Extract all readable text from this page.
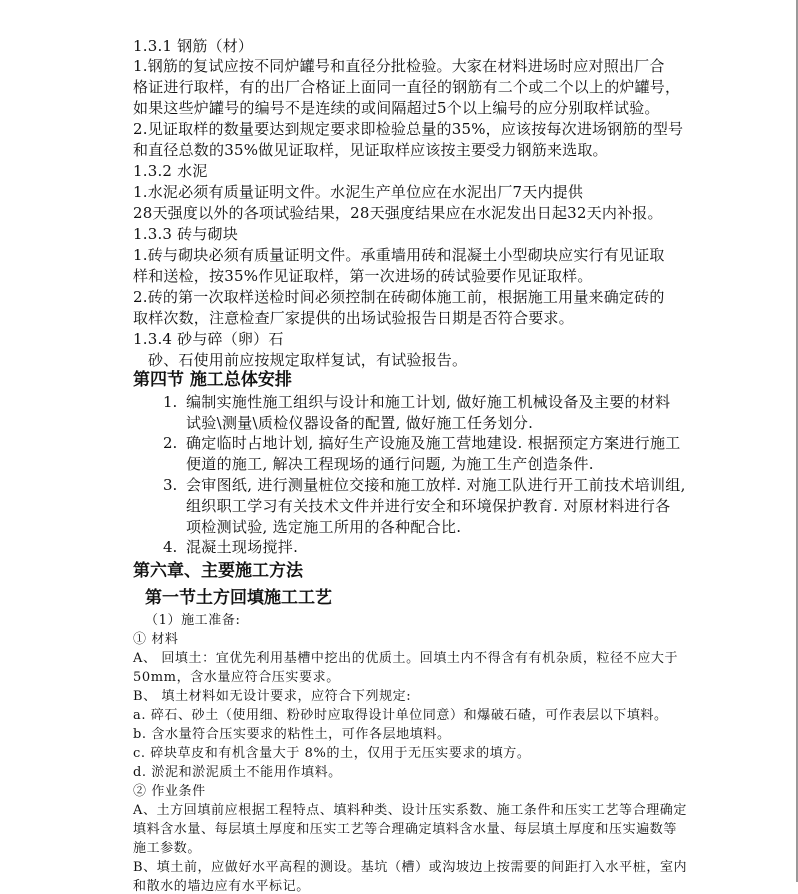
1.3.1 钢筋（材）
1.钢筋的复试应按不同炉罐号和直径分批检验。大家在材料进场时应对照出厂合
格证进行取样，有的出厂合格证上面同一直径的钢筋有二个或二个以上的炉罐号，
如果这些炉罐号的编号不是连续的或间隔超过5个以上编号的应分别取样试验。
2.见证取样的数量要达到规定要求即检验总量的35%，应该按每次进场钢筋的型号
和直径总数的35%做见证取样，见证取样应该按主要受力钢筋来选取。
1.3.2 水泥
1.水泥必须有质量证明文件。水泥生产单位应在水泥出厂7天内提供
28天强度以外的各项试验结果，28天强度结果应在水泥发出日起32天内补报。
1.3.3 砖与砌块
1.砖与砌块必须有质量证明文件。承重墙用砖和混凝土小型砌块应实行有见证取
样和送检，按35%作见证取样，第一次进场的砖试验要作见证取样。
2.砖的第一次取样送检时间必须控制在砖砌体施工前，根据施工用量来确定砖的
取样次数，注意检查厂家提供的出场试验报告日期是否符合要求。
1.3.4 砂与碎（卵）石
砂、石使用前应按规定取样复试，有试验报告。
第四节 施工总体安排
1. 编制实施性施工组织与设计和施工计划, 做好施工机械设备及主要的材料
试验\测量\质检仪器设备的配置, 做好施工任务划分.
2. 确定临时占地计划, 搞好生产设施及施工营地建设. 根据预定方案进行施工
便道的施工, 解决工程现场的通行问题, 为施工生产创造条件.
3. 会审图纸, 进行测量桩位交接和施工放样. 对施工队进行开工前技术培训组,
组织职工学习有关技术文件并进行安全和环境保护教育. 对原材料进行各
项检测试验, 选定施工所用的各种配合比.
4. 混凝土现场搅拌.
第六章、主要施工方法
第一节土方回填施工工艺
（1）施工准备:
① 材料
A、 回填土：宜优先利用基槽中挖出的优质土。回填土内不得含有有机杂质，粒径不应大于
50mm，含水量应符合压实要求。
B、 填土材料如无设计要求，应符合下列规定:
a. 碎石、砂土（使用细、粉砂时应取得设计单位同意）和爆破石碴，可作表层以下填料。
b. 含水量符合压实要求的粘性土，可作各层地填料。
c. 碎块草皮和有机含量大于 8%的土，仅用于无压实要求的填方。
d. 淤泥和淤泥质土不能用作填料。
② 作业条件
A、土方回填前应根据工程特点、填料种类、设计压实系数、施工条件和压实工艺等合理确定
填料含水量、每层填土厚度和压实工艺等合理确定填料含水量、每层填土厚度和压实遍数等
施工参数。
B、填土前，应做好水平高程的测设。基坑（槽）或沟坡边上按需要的间距打入水平桩，室内
和散水的墙边应有水平标记。
